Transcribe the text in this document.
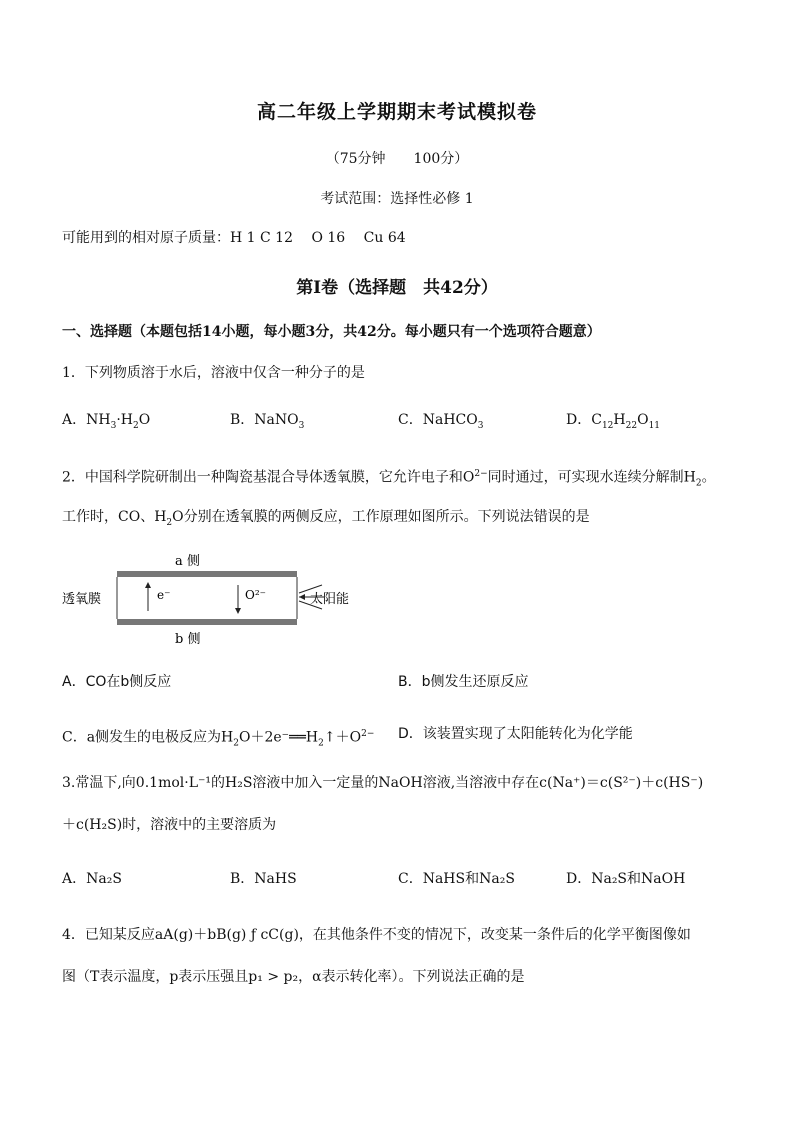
高二年级上学期期末考试模拟卷
（75分钟　　100分）
考试范围：选择性必修 1
可能用到的相对原子质量：H 1 C 12　 O 16　 Cu 64
第Ⅰ卷（选择题　共42分）
一、选择题（本题包括14小题，每小题3分，共42分。每小题只有一个选项符合题意）
1．下列物质溶于水后，溶液中仅含一种分子的是
A．$NH_3\cdot H_2O$	B．NaNO$_3$	C．NaHCO$_3$	D．$C_{12}H_{22}O_{11}$
2．中国科学院研制出一种陶瓷基混合导体透氧膜，它允许电子和$O^{2-}$同时通过，可实现水连续分解制$H_2$。
工作时，CO、$H_2O$分别在透氧膜的两侧反应，工作原理如图所示。下列说法错误的是
a 侧
透氧膜	e⁻	O²⁻	太阳能
b 侧
A．CO在b侧反应	B．b侧发生还原反应
C．a侧发生的电极反应为$H_2O+2e^-══H_2↑+O^{2-}$ D．该装置实现了太阳能转化为化学能
3.常温下,向0.1mol·L⁻¹的H₂S溶液中加入一定量的NaOH溶液,当溶液中存在c(Na⁺)＝c(S²⁻)＋c(HS⁻)
＋c(H₂S)时，溶液中的主要溶质为
A．Na₂S	B．NaHS	C．NaHS和Na₂S	D．Na₂S和NaOH
4．已知某反应aA(g)＋bB(g) ƒ cC(g)，在其他条件不变的情况下，改变某一条件后的化学平衡图像如
图（T表示温度，p表示压强且p₁ > p₂，α表示转化率）。下列说法正确的是
